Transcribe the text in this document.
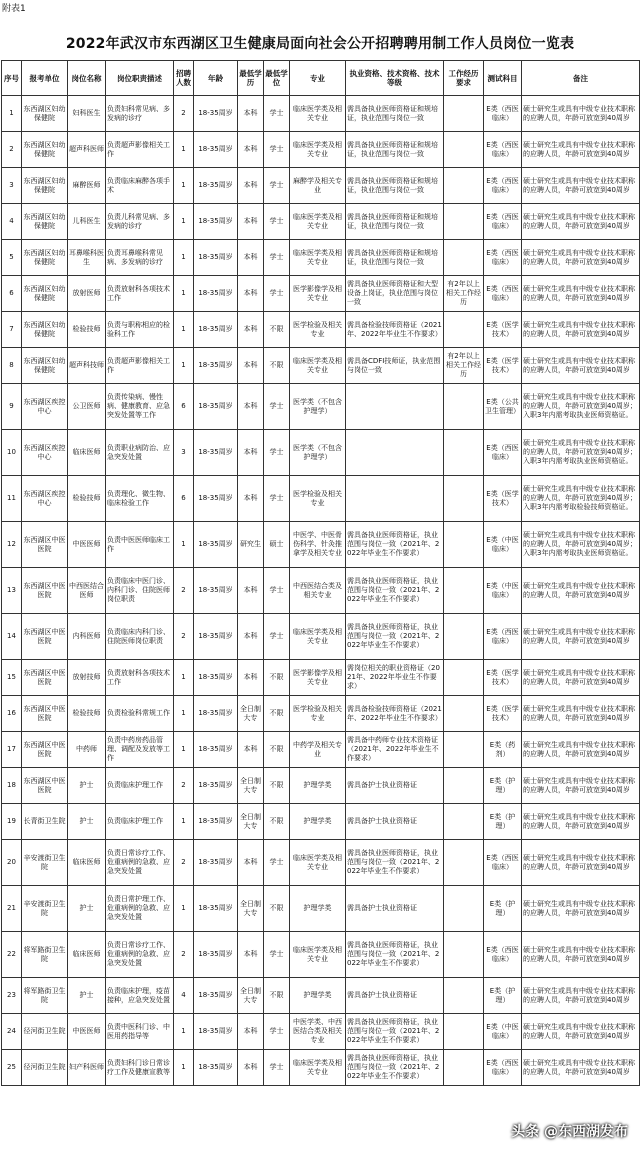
附表1
2022年武汉市东西湖区卫生健康局面向社会公开招聘聘用制工作人员岗位一览表
序号	报考单位	岗位名称	岗位职责描述	招聘人数	年龄	最低学历	最低学位	专业	执业资格、技术资格、技术等级	工作经历要求	测试科目	备注
1	东西湖区妇幼保健院	妇科医生	负责妇科常见病、多发病的诊疗	2	18-35周岁	本科	学士	临床医学类及相关专业	需具备执业医师资格证和规培证，执业范围与岗位一致		E类（西医临床）	硕士研究生或具有中级专业技术职称的应聘人员，年龄可放宽到40周岁
2	东西湖区妇幼保健院	超声科医师	负责超声影像相关工作	1	18-35周岁	本科	学士	临床医学类及相关专业	需具备执业医师资格证和规培证，执业范围与岗位一致		E类（西医临床）	硕士研究生或具有中级专业技术职称的应聘人员，年龄可放宽到40周岁
3	东西湖区妇幼保健院	麻醉医师	负责临床麻醉各项手术	1	18-35周岁	本科	学士	麻醉学及相关专业	需具备执业医师资格证和规培证，执业范围与岗位一致		E类（西医临床）	硕士研究生或具有中级专业技术职称的应聘人员，年龄可放宽到40周岁
4	东西湖区妇幼保健院	儿科医生	负责儿科常见病、多发病的诊疗	1	18-35周岁	本科	学士	临床医学类及相关专业	需具备执业医师资格证和规培证，执业范围与岗位一致		E类（西医临床）	硕士研究生或具有中级专业技术职称的应聘人员，年龄可放宽到40周岁
5	东西湖区妇幼保健院	耳鼻喉科医生	负责耳鼻喉科常见病、多发病的诊疗	1	18-35周岁	本科	学士	临床医学类及相关专业	需具备执业医师资格证和规培证，执业范围与岗位一致		E类（西医临床）	硕士研究生或具有中级专业技术职称的应聘人员，年龄可放宽到40周岁
6	东西湖区妇幼保健院	放射医师	负责放射科各项技术工作	1	18-35周岁	本科	学士	医学影像学及相关专业	需具备执业医师资格证和大型设备上岗证，执业范围与岗位一致	有2年以上相关工作经历	E类（西医临床）	硕士研究生或具有中级专业技术职称的应聘人员，年龄可放宽到40周岁
7	东西湖区妇幼保健院	检验技师	负责与职称相应的检验科工作	1	18-35周岁	本科	不限	医学检验及相关专业	需具备检验技师资格证（2021年、2022年毕业生不作要求）		E类（医学技术）	硕士研究生或具有中级专业技术职称的应聘人员，年龄可放宽到40周岁
8	东西湖区妇幼保健院	超声科技师	负责超声影像相关工作	1	18-35周岁	本科	不限	临床医学类及相关专业	需具备CDFI技师证，执业范围与岗位一致	有2年以上相关工作经历	E类（医学技术）	硕士研究生或具有中级专业技术职称的应聘人员，年龄可放宽到40周岁
9	东西湖区疾控中心	公卫医师	负责传染病、慢性病、健康教育、应急突发处置等工作	6	18-35周岁	本科	学士	医学类（不包含护理学）			E类（公共卫生管理）	硕士研究生或具有中级专业技术职称的应聘人员，年龄可放宽到40周岁；入职3年内需考取执业医师资格证。
10	东西湖区疾控中心	临床医师	负责职业病防治、应急突发处置	3	18-35周岁	本科	学士	医学类（不包含护理学）			E类（西医临床）	硕士研究生或具有中级专业技术职称的应聘人员，年龄可放宽到40周岁；入职3年内需考取执业医师资格证。
11	东西湖区疾控中心	检验技师	负责理化、微生物、临床检验工作	6	18-35周岁	本科	学士	医学检验及相关专业			E类（医学技术）	硕士研究生或具有中级专业技术职称的应聘人员，年龄可放宽到40周岁；入职3年内需考取检验技师资格证。
12	东西湖区中医医院	中医医师	负责中医医师临床工作	1	18-35周岁	研究生	硕士	中医学、中医骨伤科学、针灸推拿学及相关专业	需具备执业医师资格证，执业范围与岗位一致（2021年、2022年毕业生不作要求）		E类（中医临床）	硕士研究生或具有中级专业技术职称的应聘人员，年龄可放宽到40周岁；入职3年内需考取执业医师资格证。
13	东西湖区中医医院	中西医结合医师	负责临床中医门诊、内科门诊、住院医师岗位职责	2	18-35周岁	本科	学士	中西医结合类及相关专业	需具备执业医师资格证，执业范围与岗位一致（2021年、2022年毕业生不作要求）		E类（中医临床）	硕士研究生或具有中级专业技术职称的应聘人员，年龄可放宽到40周岁
14	东西湖区中医医院	内科医师	负责临床内科门诊、住院医师岗位职责	2	18-35周岁	本科	学士	临床医学类及相关专业	需具备执业医师资格证，执业范围与岗位一致（2021年、2022年毕业生不作要求）		E类（西医临床）	硕士研究生或具有中级专业技术职称的应聘人员，年龄可放宽到40周岁
15	东西湖区中医医院	放射技师	负责放射科各项技术工作	1	18-35周岁	本科	不限	医学影像学及相关专业	需岗位相关的职业资格证（2021年、2022年毕业生不作要求）		E类（医学技术）	硕士研究生或具有中级专业技术职称的应聘人员，年龄可放宽到40周岁
16	东西湖区中医医院	检验技师	负责检验科常规工作	1	18-35周岁	全日制大专	不限	医学检验及相关专业	需具备检验技师资格证（2021年、2022年毕业生不作要求）		E类（医学技术）	硕士研究生或具有中级专业技术职称的应聘人员，年龄可放宽到40周岁
17	东西湖区中医医院	中药师	负责中药房药品管理、调配及发放等工作	1	18-35周岁	本科	不限	中药学及相关专业	需具备中药师专业技术资格证（2021年、2022年毕业生不作要求）		E类（药剂）	硕士研究生或具有中级专业技术职称的应聘人员，年龄可放宽到40周岁
18	东西湖区中医医院	护士	负责临床护理工作	2	18-35周岁	全日制大专	不限	护理学类	需具备护士执业资格证		E类（护理）	硕士研究生或具有中级专业技术职称的应聘人员，年龄可放宽到40周岁
19	长青街卫生院	护士	负责临床护理工作	1	18-35周岁	全日制大专	不限	护理学类	需具备护士执业资格证		E类（护理）	硕士研究生或具有中级专业技术职称的应聘人员，年龄可放宽到40周岁
20	辛安渡街卫生院	临床医师	负责日常诊疗工作、危重病例的急救、应急突发处置	2	18-35周岁	本科	学士	临床医学类及相关专业	需具备执业医师资格证，执业范围与岗位一致（2021年、2022年毕业生不作要求）		E类（西医临床）	硕士研究生或具有中级专业技术职称的应聘人员，年龄可放宽到40周岁
21	辛安渡街卫生院	护士	负责日常护理工作、危重病例的急救、应急突发处置	1	18-35周岁	全日制大专	不限	护理学类	需具备护士执业资格证		E类（护理）	硕士研究生或具有中级专业技术职称的应聘人员，年龄可放宽到40周岁
22	将军路街卫生院	临床医师	负责日常诊疗工作、危重病例的急救、应急突发处置	2	18-35周岁	本科	学士	临床医学类及相关专业	需具备执业医师资格证，执业范围与岗位一致（2021年、2022年毕业生不作要求）		E类（西医临床）	硕士研究生或具有中级专业技术职称的应聘人员，年龄可放宽到40周岁
23	将军路街卫生院	护士	负责临床护理，疫苗接种，应急突发处置	4	18-35周岁	全日制大专	不限	护理学类	需具备护士执业资格证		E类（护理）	硕士研究生或具有中级专业技术职称的应聘人员，年龄可放宽到40周岁
24	径河街卫生院	中医医师	负责中医科门诊、中医用药指导等	1	18-35周岁	本科	学士	中医学类、中西医结合类及相关专业	需具备执业医师资格证，执业范围与岗位一致（2021年、2022年毕业生不作要求）		E类（中医临床）	硕士研究生或具有中级专业技术职称的应聘人员，年龄可放宽到40周岁
25	径河街卫生院	妇产科医师	负责妇科门诊日常诊疗工作及健康宣教等	1	18-35周岁	本科	学士	临床医学类及相关专业	需具备执业医师资格证，执业范围与岗位一致（2021年、2022年毕业生不作要求）		E类（西医临床）	硕士研究生或具有中级专业技术职称的应聘人员，年龄可放宽到40周岁
头条 @东西湖发布
